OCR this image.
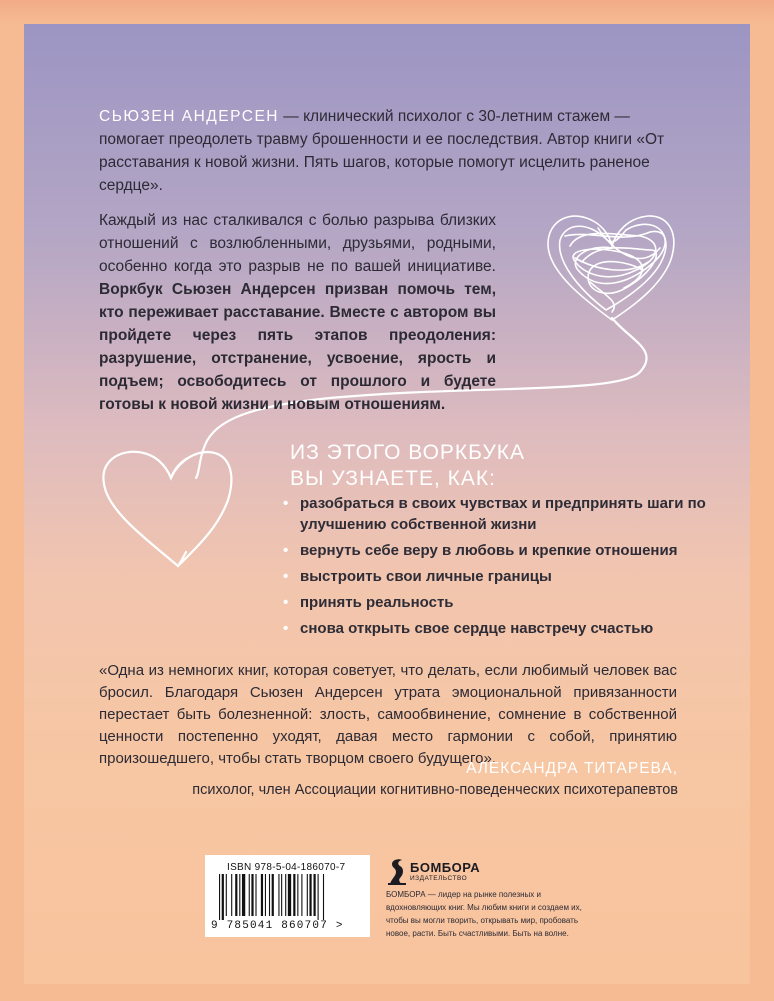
СЬЮЗЕН АНДЕРСЕН — клинический психолог с 30-летним стажем — помогает преодолеть травму брошенности и ее последствия. Автор книги «От расставания к новой жизни. Пять шагов, которые помогут исцелить раненое сердце».
Каждый из нас сталкивался с болью разрыва близких отношений с возлюбленными, друзьями, родными, особенно когда это разрыв не по вашей инициативе. Воркбук Сьюзен Андерсен призван помочь тем, кто переживает расставание. Вместе с автором вы пройдете через пять этапов преодоления: разрушение, отстранение, усвоение, ярость и подъем; освободитесь от прошлого и будете готовы к новой жизни и новым отношениям.
ИЗ ЭТОГО ВОРКБУКА
ВЫ УЗНАЕТЕ, КАК:
• разобраться в своих чувствах и предпринять шаги по улучшению собственной жизни
• вернуть себе веру в любовь и крепкие отношения
• выстроить свои личные границы
• принять реальность
• снова открыть свое сердце навстречу счастью
«Одна из немногих книг, которая советует, что делать, если любимый человек вас бросил. Благодаря Сьюзен Андерсен утрата эмоциональной привязанности перестает быть болезненной: злость, самообвинение, сомнение в собственной ценности постепенно уходят, давая место гармонии с собой, принятию произошедшего, чтобы стать творцом своего будущего».
АЛЕКСАНДРА ТИТАРЕВА,
психолог, член Ассоциации когнитивно-поведенческих психотерапевтов
ISBN 978-5-04-186070-7
9 785041 860707 >
БОМБОРА
ИЗДАТЕЛЬСТВО
БОМБОРА — лидер на рынке полезных и вдохновляющих книг. Мы любим книги и создаем их, чтобы вы могли творить, открывать мир, пробовать новое, расти. Быть счастливыми. Быть на волне.
